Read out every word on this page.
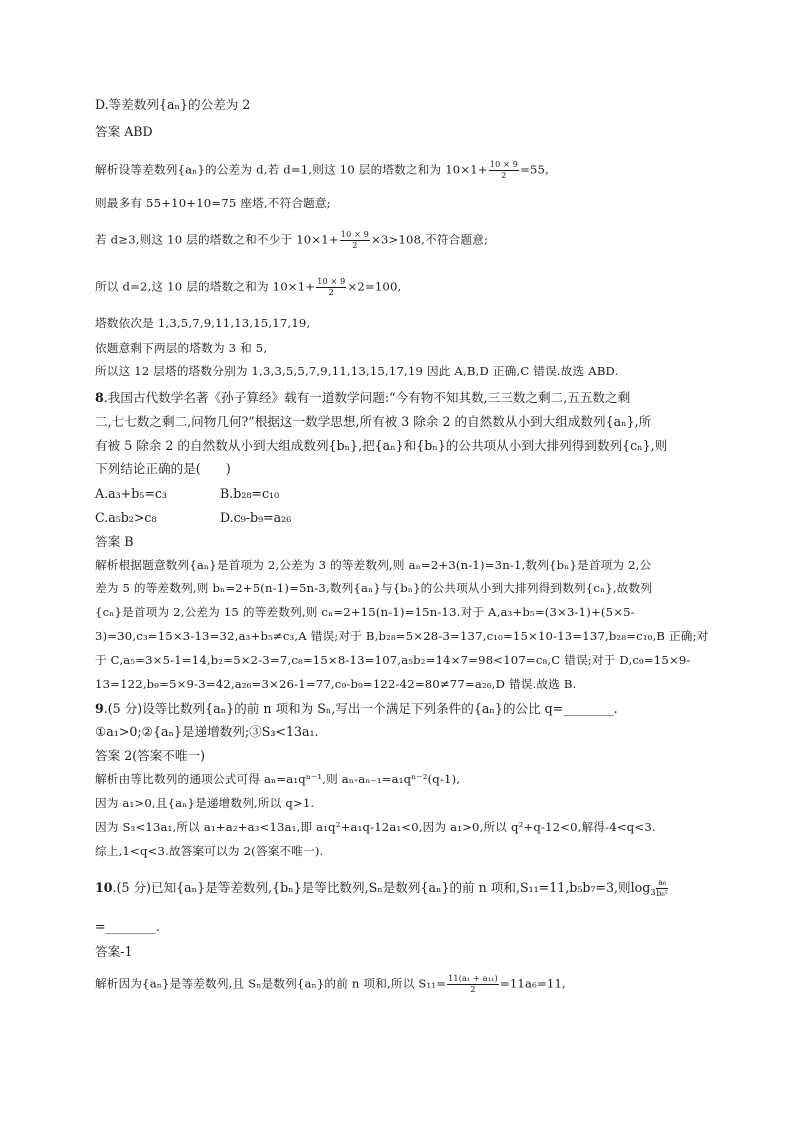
D.等差数列{aₙ}的公差为 2
答案 ABD
解析设等差数列{aₙ}的公差为 d,若 d=1,则这 10 层的塔数之和为 $10\times 1+ \frac{10 \times 9}{2} =55$,
则最多有 55+10+10=75 座塔,不符合题意;
若 d≥3,则这 10 层的塔数之和不少于 $10\times 1+ \frac{10 \times 9}{2} \times 3>108$,不符合题意;
所以 d=2,这 10 层的塔数之和为 $10\times 1+ \frac{10 \times 9}{2} \times 2=100$,
塔数依次是 1,3,5,7,9,11,13,15,17,19,
依题意剩下两层的塔数为 3 和 5,
所以这 12 层塔的塔数分别为 1,3,3,5,5,7,9,11,13,15,17,19 因此 A,B,D 正确,C 错误.故选 ABD.
8.我国古代数学名著《孙子算经》载有一道数学问题:“今有物不知其数,三三数之剩二,五五数之剩
二,七七数之剩二,问物几何?”根据这一数学思想,所有被 3 除余 2 的自然数从小到大组成数列{aₙ},所
有被 5 除余 2 的自然数从小到大组成数列{bₙ},把{aₙ}和{bₙ}的公共项从小到大排列得到数列{cₙ},则
下列结论正确的是(　　)
A.a₃+b₅=c₃	B.b₂₈=c₁₀
C.a₅b₂>c₈	D.c₉-b₉=a₂₆
答案 B
解析根据题意数列{aₙ}是首项为 2,公差为 3 的等差数列,则 aₙ=2+3(n-1)=3n-1,数列{bₙ}是首项为 2,公
差为 5 的等差数列,则 bₙ=2+5(n-1)=5n-3,数列{aₙ}与{bₙ}的公共项从小到大排列得到数列{cₙ},故数列
{cₙ}是首项为 2,公差为 15 的等差数列,则 cₙ=2+15(n-1)=15n-13.对于 A,a₃+b₅=(3×3-1)+(5×5-
3)=30,c₃=15×3-13=32,a₃+b₅≠c₃,A 错误;对于 B,b₂₈=5×28-3=137,c₁₀=15×10-13=137,b₂₈=c₁₀,B 正确;对
于 C,a₅=3×5-1=14,b₂=5×2-3=7,c₈=15×8-13=107,a₅b₂=14×7=98<107=c₈,C 错误;对于 D,c₉=15×9-
13=122,b₉=5×9-3=42,a₂₆=3×26-1=77,c₉-b₉=122-42=80≠77=a₂₆,D 错误.故选 B.
9.(5 分)设等比数列{aₙ}的前 n 项和为 Sₙ,写出一个满足下列条件的{aₙ}的公比 q=________.
①a₁>0;②{aₙ}是递增数列;③S₃<13a₁.
答案 2(答案不唯一)
解析由等比数列的通项公式可得 aₙ=a₁qⁿ⁻¹,则 aₙ-aₙ₋₁=a₁qⁿ⁻²(q-1),
因为 a₁>0,且{aₙ}是递增数列,所以 q>1.
因为 S₃<13a₁,所以 a₁+a₂+a₃<13a₁,即 a₁q²+a₁q-12a₁<0,因为 a₁>0,所以 q²+q-12<0,解得-4<q<3.
综上,1<q<3.故答案可以为 2(答案不唯一).
10.(5 分)已知{aₙ}是等差数列,{bₙ}是等比数列,Sₙ是数列{aₙ}的前 n 项和,S₁₁=11,b₅b₇=3,则$\log_3 \frac{\text{a₆}}{\text{b₆²}}$
=________.
答案-1
解析因为{aₙ}是等差数列,且 Sₙ是数列{aₙ}的前 n 项和,所以 $S_{11}= \frac{\text{11(a₁ + a₁₁)}}{2} =11a_6=11$,
